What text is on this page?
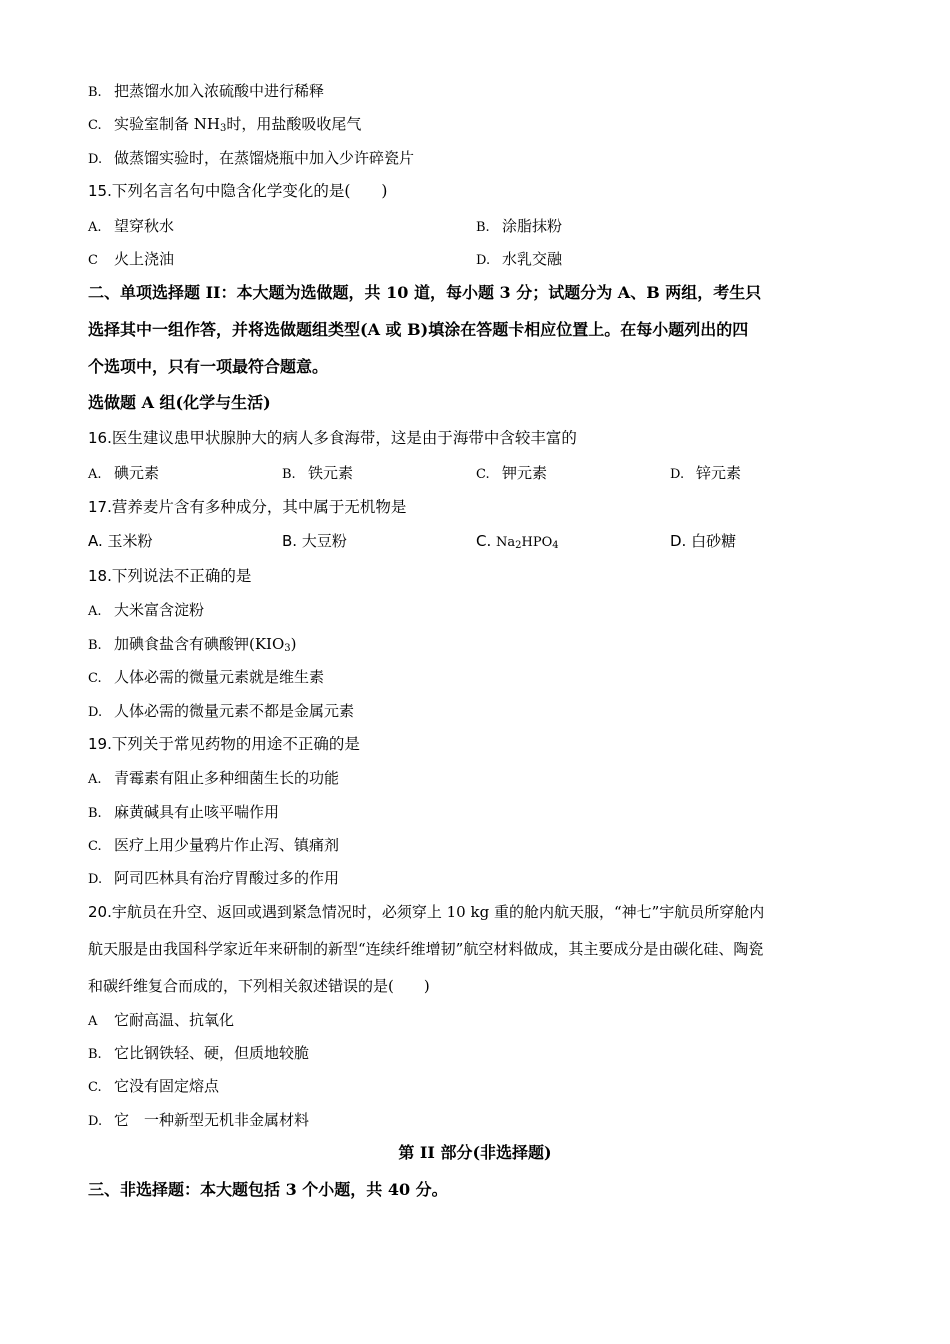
B. 把蒸馏水加入浓硫酸中进行稀释
C. 实验室制备 $NH_3$时，用盐酸吸收尾气
D. 做蒸馏实验时，在蒸馏烧瓶中加入少许碎瓷片
15.下列名言名句中隐含化学变化的是(　　)
A. 望穿秋水	B. 涂脂抹粉
C 火上浇油	D. 水乳交融
二、单项选择题 II：本大题为选做题，共 10 道，每小题 3 分；试题分为 A、B 两组，考生只
选择其中一组作答，并将选做题组类型(A 或 B)填涂在答题卡相应位置上。在每小题列出的四
个选项中，只有一项最符合题意。
选做题 A 组(化学与生活)
16.医生建议患甲状腺肿大的病人多食海带，这是由于海带中含较丰富的
A. 碘元素	B. 铁元素	C. 钾元素	D. 锌元素
17.营养麦片含有多种成分，其中属于无机物是
A. 玉米粉	B. 大豆粉	C. $Na_2HPO_4$	D. 白砂糖
18.下列说法不正确的是
A. 大米富含淀粉
B. 加碘食盐含有碘酸钾$(KIO_3)$
C. 人体必需的微量元素就是维生素
D. 人体必需的微量元素不都是金属元素
19.下列关于常见药物的用途不正确的是
A. 青霉素有阻止多种细菌生长的功能
B. 麻黄碱具有止咳平喘作用
C. 医疗上用少量鸦片作止泻、镇痛剂
D. 阿司匹林具有治疗胃酸过多的作用
20.宇航员在升空、返回或遇到紧急情况时，必须穿上 10 kg 重的舱内航天服，“神七”宇航员所穿舱内
航天服是由我国科学家近年来研制的新型“连续纤维增韧”航空材料做成，其主要成分是由碳化硅、陶瓷
和碳纤维复合而成的，下列相关叙述错误的是(　　)
A 它耐高温、抗氧化
B. 它比钢铁轻、硬，但质地较脆
C. 它没有固定熔点
D. 它　一种新型无机非金属材料
第 II 部分(非选择题)
三、非选择题：本大题包括 3 个小题，共 40 分。
